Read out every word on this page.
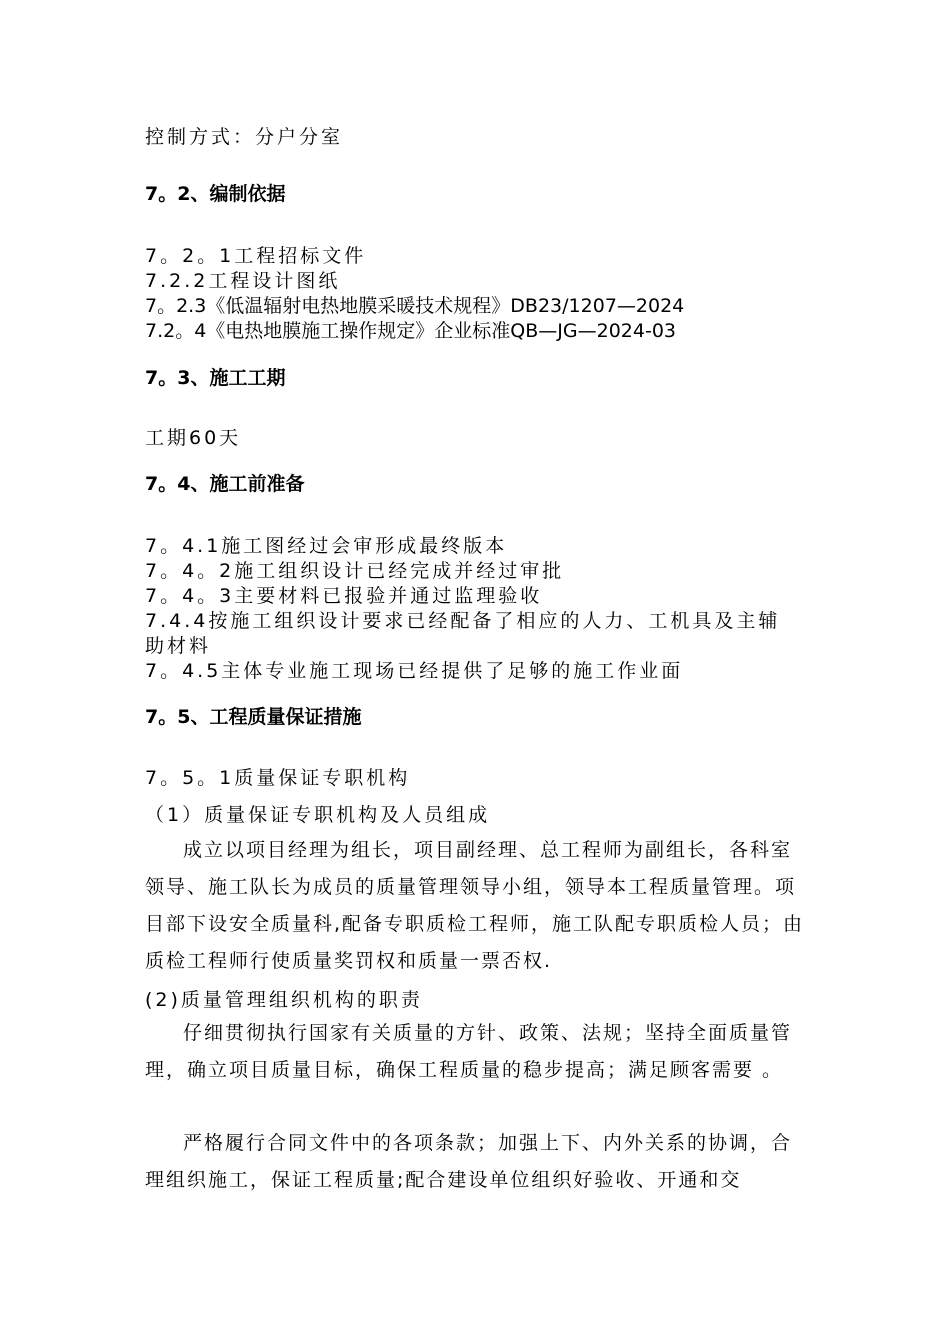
控制方式：分户分室
7。2、编制依据
7。2。1工程招标文件
7.2.2工程设计图纸
7。2.3《低温辐射电热地膜采暖技术规程》DB23/1207—2024
7.2。4《电热地膜施工操作规定》企业标准QB—JG—2024-03
7。3、施工工期
工期60天
7。4、施工前准备
7。4.1施工图经过会审形成最终版本
7。4。2施工组织设计已经完成并经过审批
7。4。3主要材料已报验并通过监理验收
7.4.4按施工组织设计要求已经配备了相应的人力、工机具及主辅
助材料
7。4.5主体专业施工现场已经提供了足够的施工作业面
7。5、工程质量保证措施
7。5。1质量保证专职机构
（1）质量保证专职机构及人员组成
成立以项目经理为组长，项目副经理、总工程师为副组长，各科室领导、施工队长为成员的质量管理领导小组，领导本工程质量管理。项目部下设安全质量科,配备专职质检工程师，施工队配专职质检人员；由质检工程师行使质量奖罚权和质量一票否权.
(2)质量管理组织机构的职责
仔细贯彻执行国家有关质量的方针、政策、法规；坚持全面质量管理，确立项目质量目标，确保工程质量的稳步提高；满足顾客需要 。
严格履行合同文件中的各项条款；加强上下、内外关系的协调，合理组织施工，保证工程质量;配合建设单位组织好验收、开通和交
